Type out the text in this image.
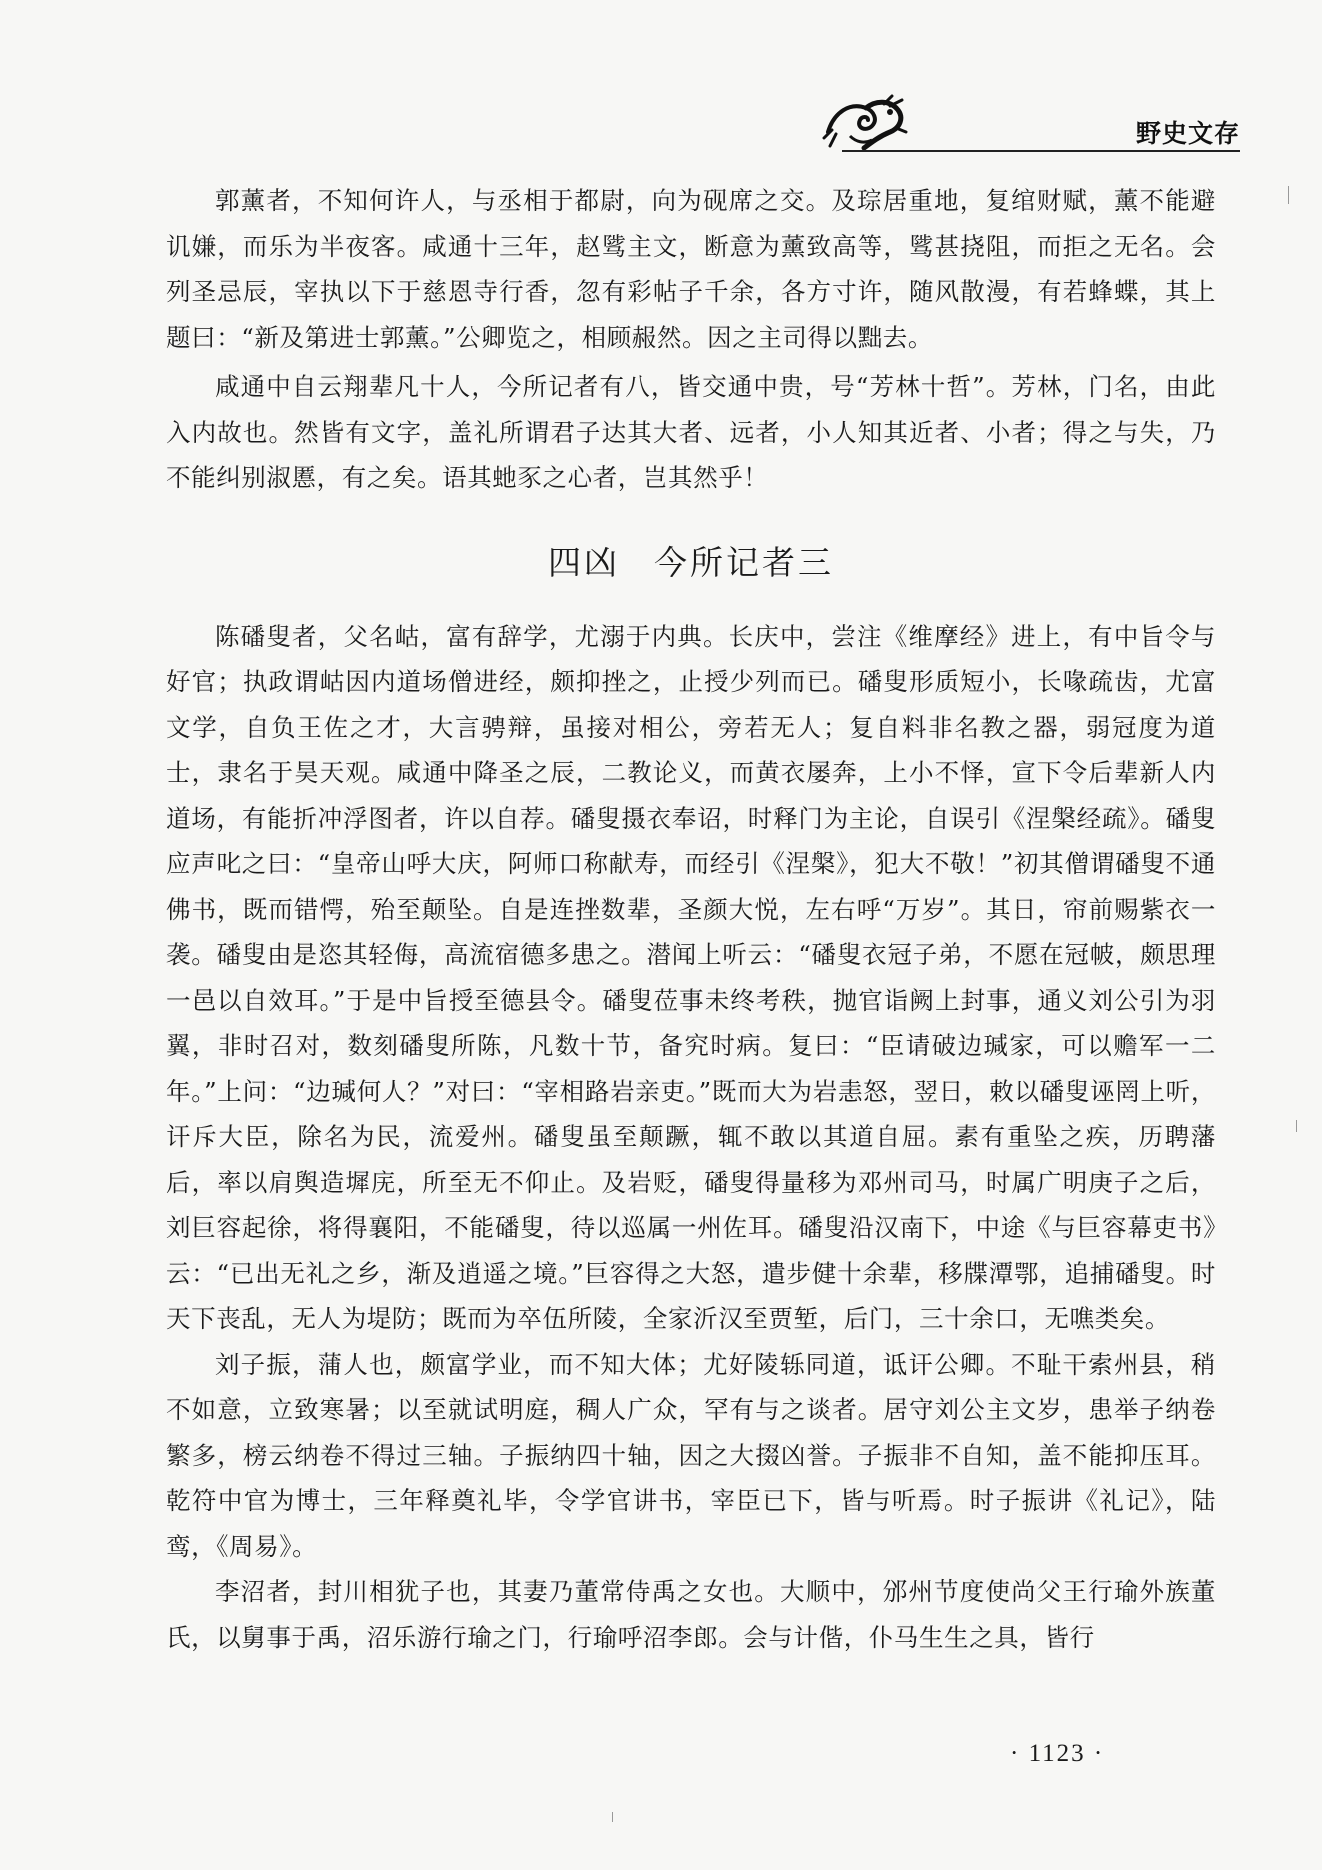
野史文存

郭薰者，不知何许人，与丞相于都尉，向为砚席之交。及琮居重地，复绾财赋，薰不能避讥嫌，而乐为半夜客。咸通十三年，赵骘主文，断意为薰致高等，骘甚挠阻，而拒之无名。会列圣忌辰，宰执以下于慈恩寺行香，忽有彩帖子千余，各方寸许，随风散漫，有若蜂蝶，其上题曰：“新及第进士郭薰。”公卿览之，相顾赧然。因之主司得以黜去。

咸通中自云翔辈凡十人，今所记者有八，皆交通中贵，号“芳林十哲”。芳林，门名，由此入内故也。然皆有文字，盖礼所谓君子达其大者、远者，小人知其近者、小者；得之与失，乃不能纠别淑慝，有之矣。语其虵豕之心者，岂其然乎！

四凶 今所记者三

陈磻叟者，父名岵，富有辞学，尤溺于内典。长庆中，尝注《维摩经》进上，有中旨令与好官；执政谓岵因内道场僧进经，颇抑挫之，止授少列而已。磻叟形质短小，长喙疏齿，尤富文学，自负王佐之才，大言骋辩，虽接对相公，旁若无人；复自料非名教之器，弱冠度为道士，隶名于昊天观。咸通中降圣之辰，二教论义，而黄衣屡奔，上小不怿，宣下令后辈新人内道场，有能折冲浮图者，许以自荐。磻叟摄衣奉诏，时释门为主论，自误引《涅槃经疏》。磻叟应声叱之曰：“皇帝山呼大庆，阿师口称献寿，而经引《涅槃》，犯大不敬！”初其僧谓磻叟不通佛书，既而错愕，殆至颠坠。自是连挫数辈，圣颜大悦，左右呼“万岁”。其日，帘前赐紫衣一袭。磻叟由是恣其轻侮，高流宿德多患之。潜闻上听云：“磻叟衣冠子弟，不愿在冠帔，颇思理一邑以自效耳。”于是中旨授至德县令。磻叟莅事未终考秩，抛官诣阙上封事，通义刘公引为羽翼，非时召对，数刻磻叟所陈，凡数十节，备究时病。复曰：“臣请破边瑊家，可以赡军一二年。”上问：“边瑊何人？”对曰：“宰相路岩亲吏。”既而大为岩恚怒，翌日，敕以磻叟诬罔上听，讦斥大臣，除名为民，流爱州。磻叟虽至颠蹶，辄不敢以其道自屈。素有重坠之疾，历聘藩后，率以肩舆造墀庑，所至无不仰止。及岩贬，磻叟得量移为邓州司马，时属广明庚子之后，刘巨容起徐，将得襄阳，不能磻叟，待以巡属一州佐耳。磻叟沿汉南下，中途《与巨容幕吏书》云：“已出无礼之乡，渐及逍遥之境。”巨容得之大怒，遣步健十余辈，移牒潭鄂，追捕磻叟。时天下丧乱，无人为堤防；既而为卒伍所陵，全家沂汉至贾堑，后门，三十余口，无噍类矣。

刘子振，蒲人也，颇富学业，而不知大体；尤好陵轹同道，诋讦公卿。不耻干索州县，稍不如意，立致寒暑；以至就试明庭，稠人广众，罕有与之谈者。居守刘公主文岁，患举子纳卷繁多，榜云纳卷不得过三轴。子振纳四十轴，因之大掇凶誉。子振非不自知，盖不能抑压耳。乾符中官为博士，三年释奠礼毕，令学官讲书，宰臣已下，皆与听焉。时子振讲《礼记》，陆鸾，《周易》。

李沼者，封川相犹子也，其妻乃董常侍禹之女也。大顺中，邠州节度使尚父王行瑜外族董氏，以舅事于禹，沼乐游行瑜之门，行瑜呼沼李郎。会与计偕，仆马生生之具，皆行

· 1123 ·
